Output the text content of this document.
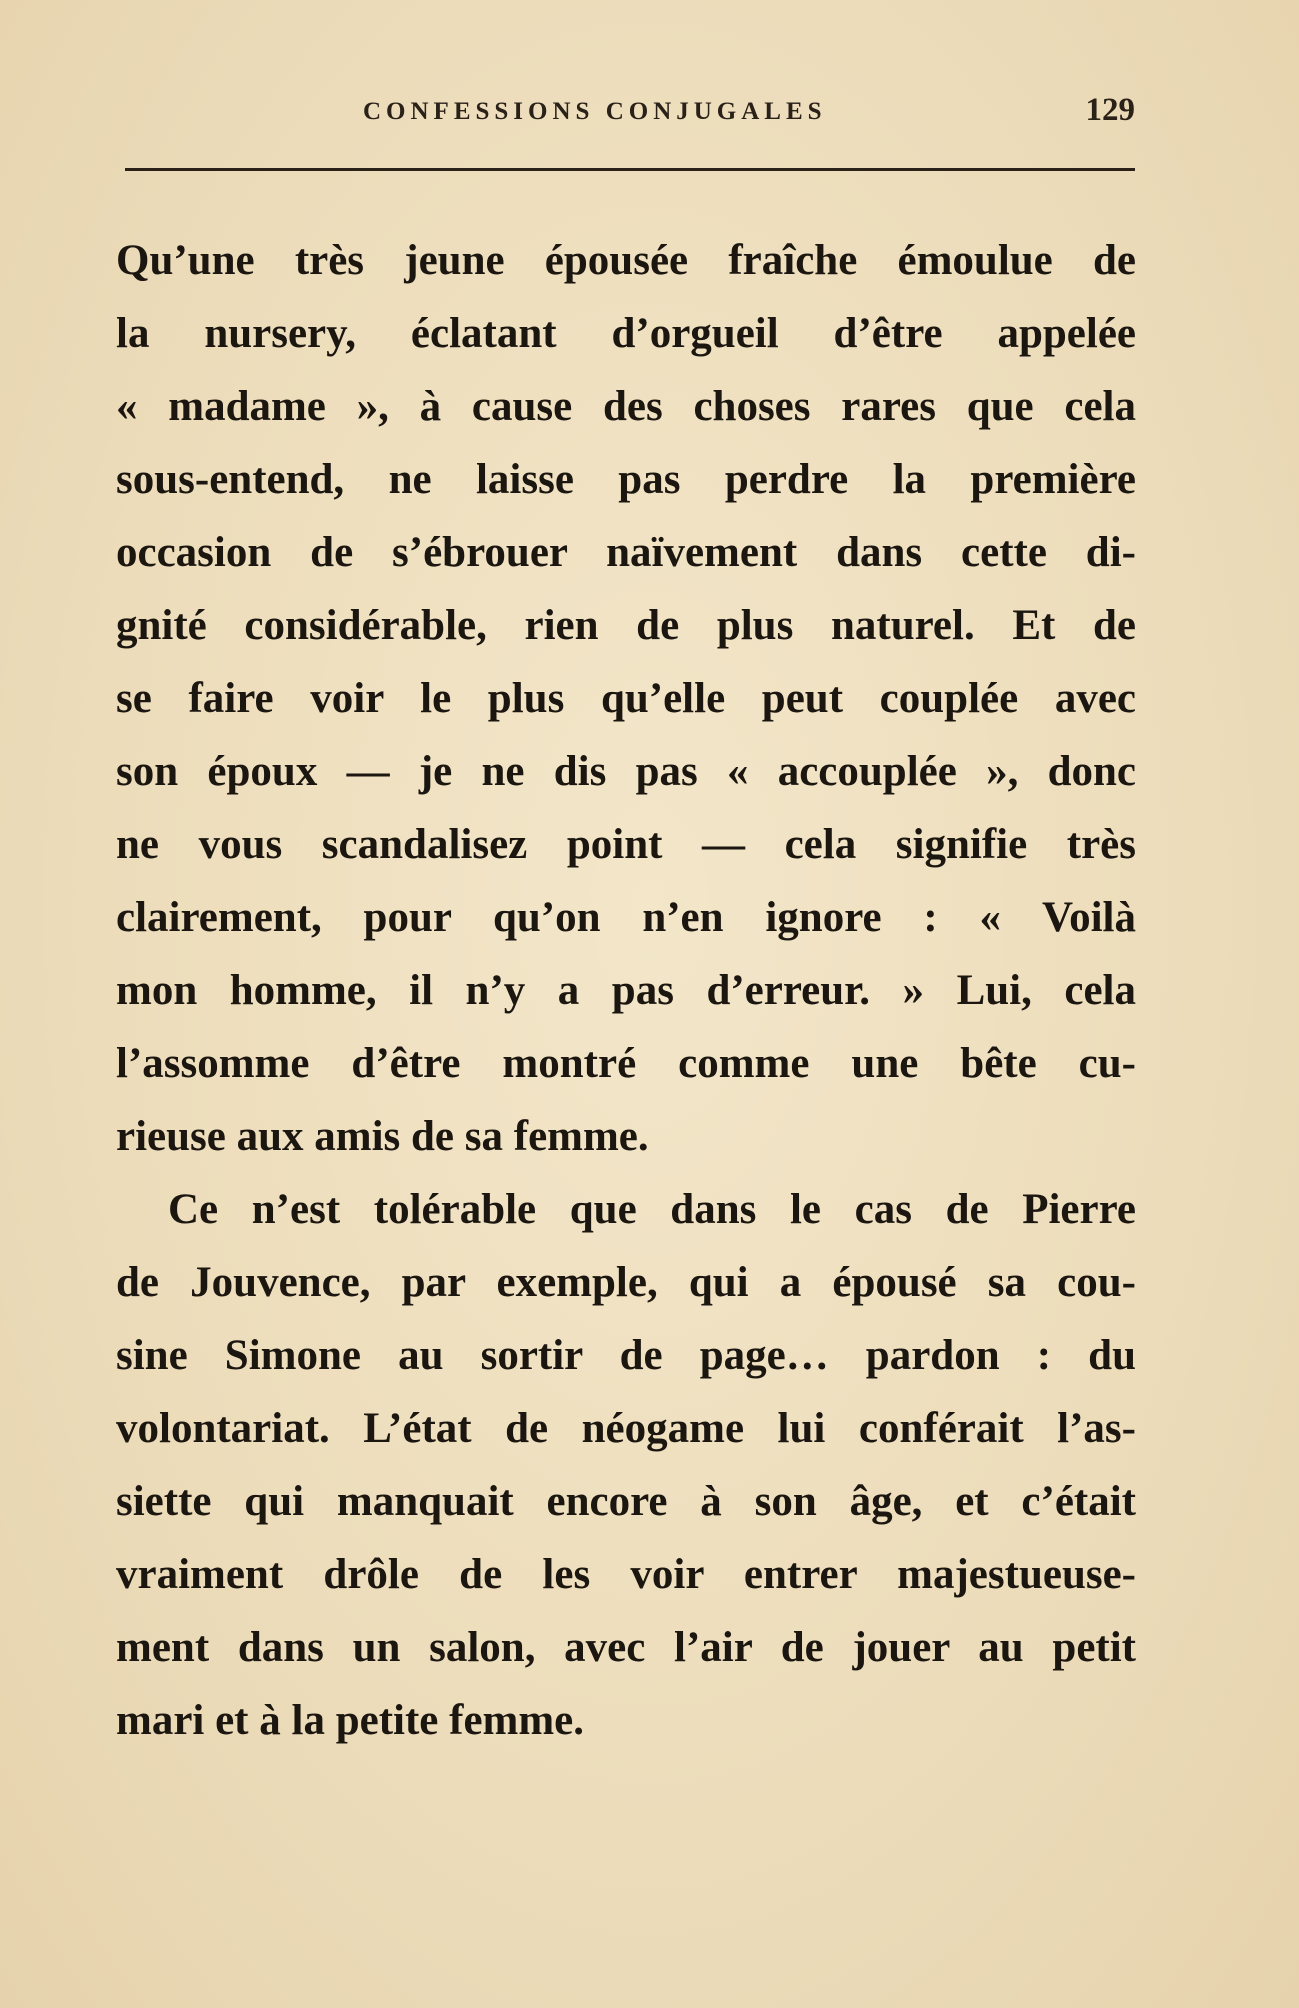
CONFESSIONS CONJUGALES	129
Qu’une très jeune épousée fraîche émoulue de
la nursery, éclatant d’orgueil d’être appelée
« madame », à cause des choses rares que cela
sous-entend, ne laisse pas perdre la première
occasion de s’ébrouer naïvement dans cette di-
gnité considérable, rien de plus naturel. Et de
se faire voir le plus qu’elle peut couplée avec
son époux — je ne dis pas « accouplée », donc
ne vous scandalisez point — cela signifie très
clairement, pour qu’on n’en ignore : « Voilà
mon homme, il n’y a pas d’erreur. » Lui, cela
l’assomme d’être montré comme une bête cu-
rieuse aux amis de sa femme.
Ce n’est tolérable que dans le cas de Pierre
de Jouvence, par exemple, qui a épousé sa cou-
sine Simone au sortir de page… pardon : du
volontariat. L’état de néogame lui conférait l’as-
siette qui manquait encore à son âge, et c’était
vraiment drôle de les voir entrer majestueuse-
ment dans un salon, avec l’air de jouer au petit
mari et à la petite femme.
